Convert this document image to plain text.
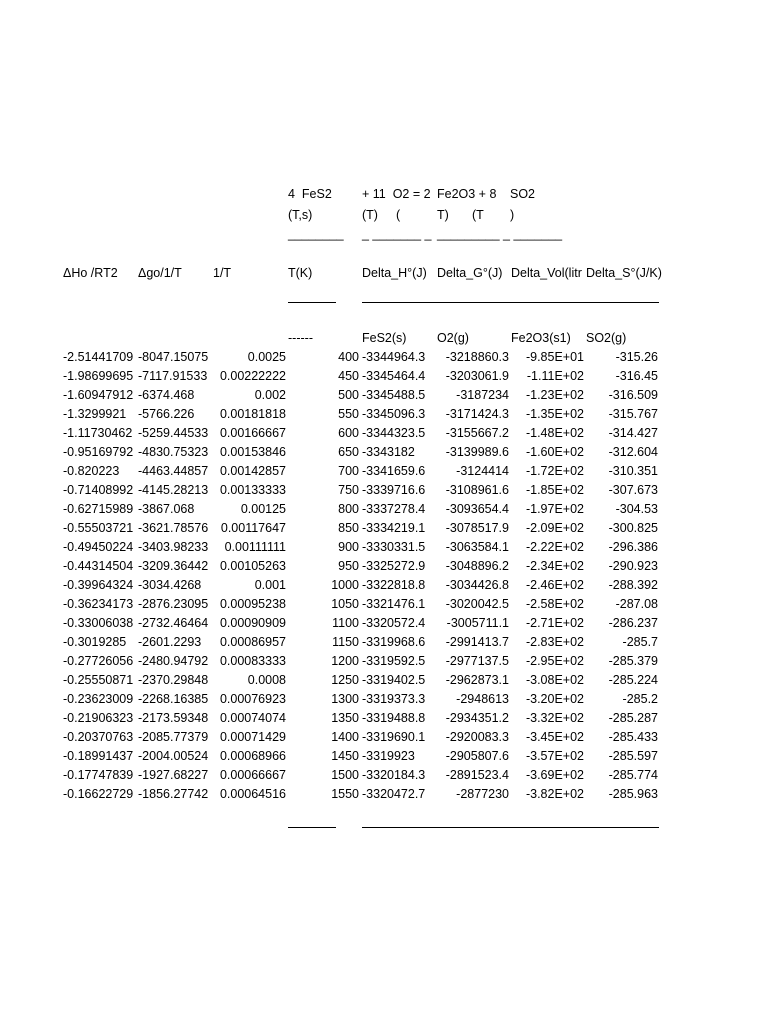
4  FeS2 + 11  O2 = 2 Fe2O3 + 8 SO2
(T,s)	(T) (	T) (T )
________ _ _______ _ _________ _ _______
ΔHo /RT2 Δgo/1/T 1/T	T(K)	Delta_H°(J) Delta_G°(J) Delta_Vol(litr Delta_S°(J/K)
------	FeS2(s) O2(g)	Fe2O3(s1) SO2(g)
-2.51441709 -8047.15075	0.0025	400 -3344964.3	-3218860.3	-9.85E+01	-315.26
-1.98699695 -7117.91533	0.00222222	450 -3345464.4	-3203061.9	-1.11E+02	-316.45
-1.60947912 -6374.468	0.002	500 -3345488.5	-3187234	-1.23E+02	-316.509
-1.3299921 -5766.226	0.00181818	550 -3345096.3	-3171424.3	-1.35E+02	-315.767
-1.11730462 -5259.44533 0.00166667	600 -3344323.5	-3155667.2	-1.48E+02	-314.427
-0.95169792 -4830.75323 0.00153846	650 -3343182	-3139989.6	-1.60E+02	-312.604
-0.820223	-4463.44857 0.00142857	700 -3341659.6	-3124414	-1.72E+02	-310.351
-0.71408992 -4145.28213 0.00133333	750 -3339716.6	-3108961.6	-1.85E+02	-307.673
-0.62715989 -3867.068	0.00125	800 -3337278.4	-3093654.4	-1.97E+02	-304.53
-0.55503721 -3621.78576	0.00117647	850 -3334219.1	-3078517.9	-2.09E+02	-300.825
-0.49450224 -3403.98233	0.00111111	900 -3330331.5	-3063584.1	-2.22E+02	-296.386
-0.44314504 -3209.36442 0.00105263	950 -3325272.9	-3048896.2	-2.34E+02	-290.923
-0.39964324 -3034.4268	0.001	1000 -3322818.8	-3034426.8	-2.46E+02	-288.392
-0.36234173 -2876.23095 0.00095238	1050 -3321476.1	-3020042.5	-2.58E+02	-287.08
-0.33006038 -2732.46464 0.00090909	1100 -3320572.4	-3005711.1	-2.71E+02	-286.237
-0.3019285 -2601.2293	0.00086957	1150 -3319968.6	-2991413.7	-2.83E+02	-285.7
-0.27726056 -2480.94792 0.00083333	1200 -3319592.5	-2977137.5	-2.95E+02	-285.379
-0.25550871 -2370.29848	0.0008	1250 -3319402.5	-2962873.1	-3.08E+02	-285.224
-0.23623009 -2268.16385 0.00076923	1300 -3319373.3	-2948613	-3.20E+02	-285.2
-0.21906323 -2173.59348 0.00074074	1350 -3319488.8	-2934351.2	-3.32E+02	-285.287
-0.20370763 -2085.77379 0.00071429	1400 -3319690.1	-2920083.3	-3.45E+02	-285.433
-0.18991437 -2004.00524 0.00068966	1450 -3319923	-2905807.6	-3.57E+02	-285.597
-0.17747839 -1927.68227 0.00066667	1500 -3320184.3	-2891523.4	-3.69E+02	-285.774
-0.16622729 -1856.27742 0.00064516	1550 -3320472.7	-2877230	-3.82E+02	-285.963
